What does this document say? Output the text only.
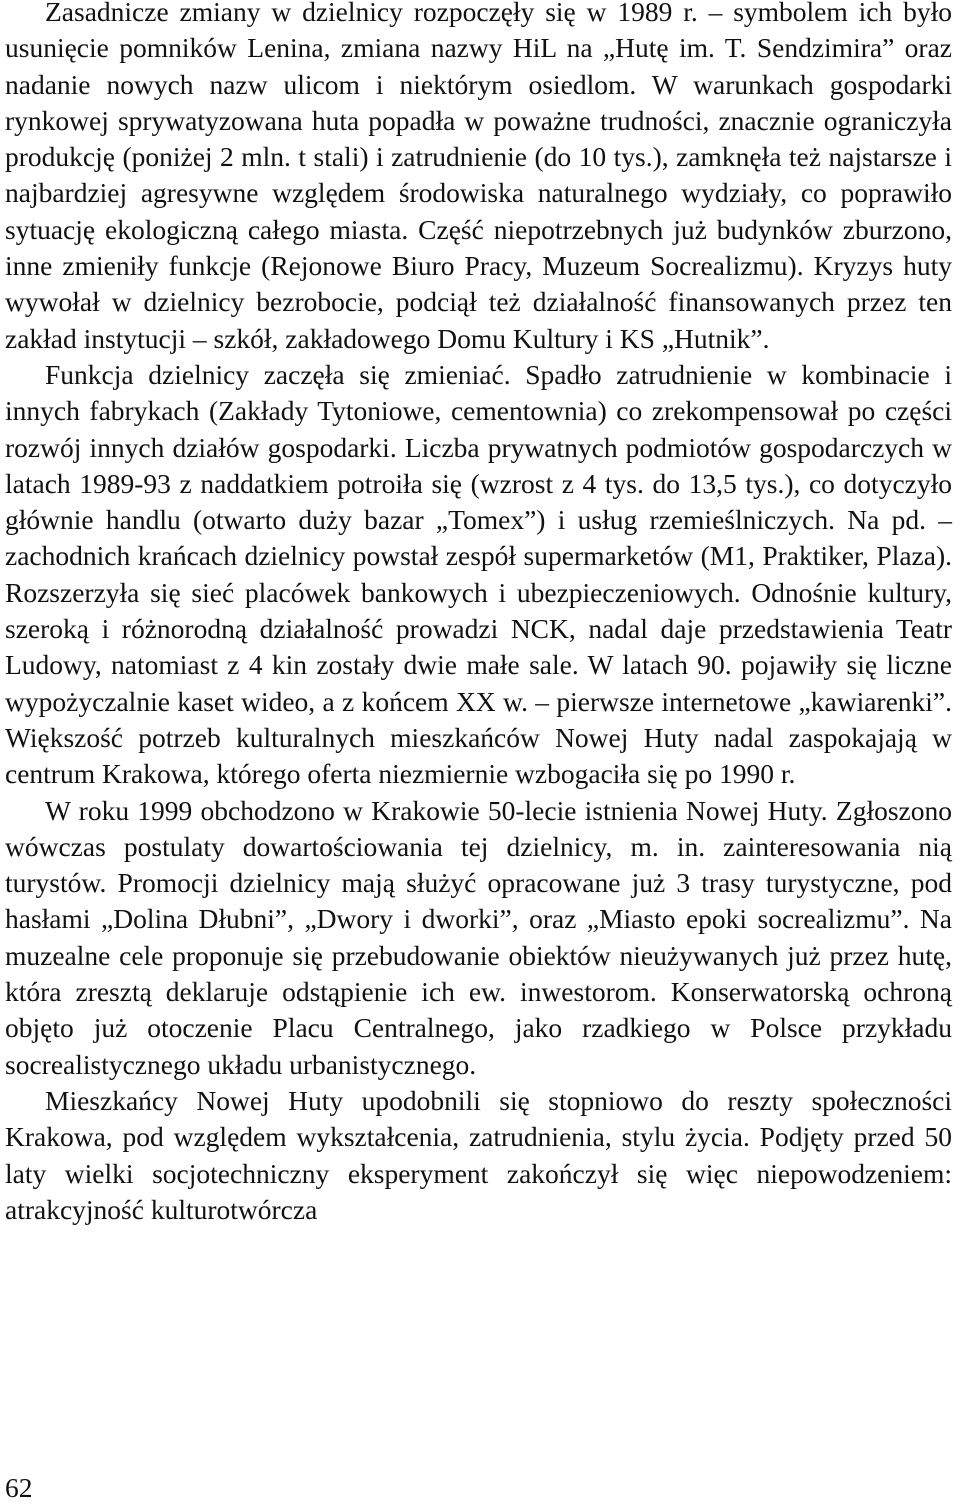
Zasadnicze zmiany w dzielnicy rozpoczęły się w 1989 r. – symbolem ich było usunięcie pomników Lenina, zmiana nazwy HiL na „Hutę im. T. Sendzimira” oraz nadanie nowych nazw ulicom i niektórym osiedlom. W warunkach gospodarki rynkowej sprywatyzowana huta popadła w poważne trudności, znacznie ograniczyła produkcję (poniżej 2 mln. t stali) i zatrudnienie (do 10 tys.), zamknęła też najstarsze i najbardziej agresywne względem środowiska naturalnego wydziały, co poprawiło sytuację ekologiczną całego miasta. Część niepotrzebnych już budynków zburzono, inne zmieniły funkcje (Rejonowe Biuro Pracy, Muzeum Socrealizmu). Kryzys huty wywołał w dzielnicy bezrobocie, podciął też działalność finansowanych przez ten zakład instytucji – szkół, zakładowego Domu Kultury i KS „Hutnik”.

Funkcja dzielnicy zaczęła się zmieniać. Spadło zatrudnienie w kombinacie i innych fabrykach (Zakłady Tytoniowe, cementownia) co zrekompensował po części rozwój innych działów gospodarki. Liczba prywatnych podmiotów gospodarczych w latach 1989-93 z naddatkiem potroiła się (wzrost z 4 tys. do 13,5 tys.), co dotyczyło głównie handlu (otwarto duży bazar „Tomex”) i usług rzemieślniczych. Na pd. – zachodnich krańcach dzielnicy powstał zespół supermarketów (M1, Praktiker, Plaza). Rozszerzyła się sieć placówek bankowych i ubezpieczeniowych. Odnośnie kultury, szeroką i różnorodną działalność prowadzi NCK, nadal daje przedstawienia Teatr Ludowy, natomiast z 4 kin zostały dwie małe sale. W latach 90. pojawiły się liczne wypożyczalnie kaset wideo, a z końcem XX w. – pierwsze internetowe „kawiarenki”. Większość potrzeb kulturalnych mieszkańców Nowej Huty nadal zaspokajają w centrum Krakowa, którego oferta niezmiernie wzbogaciła się po 1990 r.

W roku 1999 obchodzono w Krakowie 50-lecie istnienia Nowej Huty. Zgłoszono wówczas postulaty dowartościowania tej dzielnicy, m. in. zainteresowania nią turystów. Promocji dzielnicy mają służyć opracowane już 3 trasy turystyczne, pod hasłami „Dolina Dłubni”, „Dwory i dworki”, oraz „Miasto epoki socrealizmu”. Na muzealne cele proponuje się przebudowanie obiektów nieużywanych już przez hutę, która zresztą deklaruje odstąpienie ich ew. inwestorom. Konserwatorską ochroną objęto już otoczenie Placu Centralnego, jako rzadkiego w Polsce przykładu socrealistycznego układu urbanistycznego.

Mieszkańcy Nowej Huty upodobnili się stopniowo do reszty społeczności Krakowa, pod względem wykształcenia, zatrudnienia, stylu życia. Podjęty przed 50 laty wielki socjotechniczny eksperyment zakończył się więc niepowodzeniem: atrakcyjność kulturotwórcza

62
